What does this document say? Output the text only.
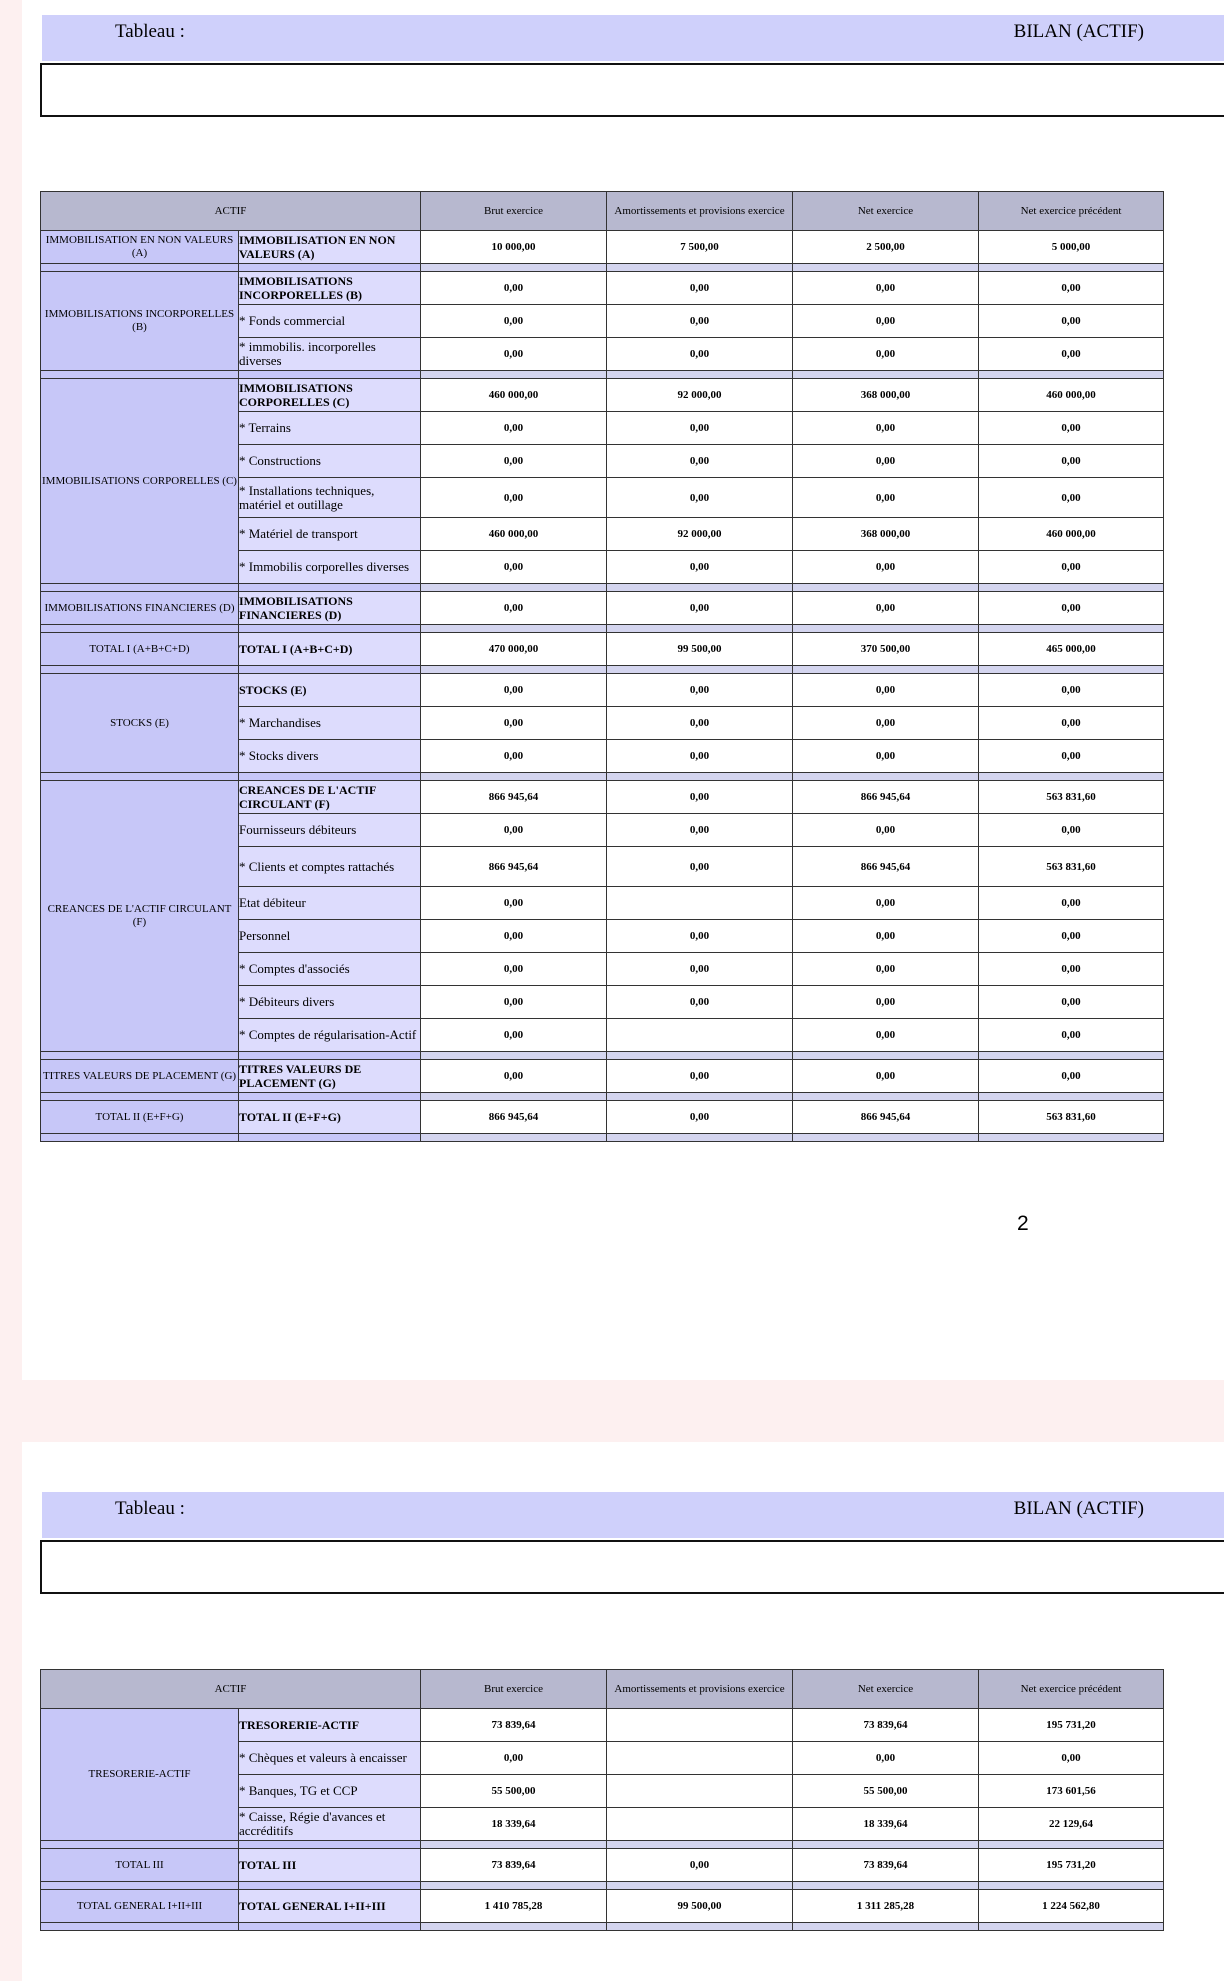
Tableau :	BILAN (ACTIF)
ACTIF		Brut exercice	Amortissements et provisions exercice	Net exercice	Net exercice précédent
IMMOBILISATION EN NON VALEURS (A)	IMMOBILISATION EN NON VALEURS (A)	10 000,00	7 500,00	2 500,00	5 000,00

IMMOBILISATIONS INCORPORELLES (B)	IMMOBILISATIONS INCORPORELLES (B)	0,00	0,00	0,00	0,00
	* Fonds commercial	0,00	0,00	0,00	0,00
	* immobilis. incorporelles diverses	0,00	0,00	0,00	0,00

IMMOBILISATIONS CORPORELLES (C)	IMMOBILISATIONS CORPORELLES (C)	460 000,00	92 000,00	368 000,00	460 000,00
	* Terrains	0,00	0,00	0,00	0,00
	* Constructions	0,00	0,00	0,00	0,00
	* Installations techniques, matériel et outillage	0,00	0,00	0,00	0,00
	* Matériel de transport	460 000,00	92 000,00	368 000,00	460 000,00
	* Immobilis corporelles diverses	0,00	0,00	0,00	0,00

IMMOBILISATIONS FINANCIERES (D)	IMMOBILISATIONS FINANCIERES (D)	0,00	0,00	0,00	0,00

TOTAL I (A+B+C+D)	TOTAL I (A+B+C+D)	470 000,00	99 500,00	370 500,00	465 000,00

STOCKS (E)	STOCKS (E)	0,00	0,00	0,00	0,00
	* Marchandises	0,00	0,00	0,00	0,00
	* Stocks divers	0,00	0,00	0,00	0,00

CREANCES DE L'ACTIF CIRCULANT (F)	CREANCES DE L'ACTIF CIRCULANT (F)	866 945,64	0,00	866 945,64	563 831,60
	Fournisseurs débiteurs	0,00	0,00	0,00	0,00
	* Clients et comptes rattachés	866 945,64	0,00	866 945,64	563 831,60
	Etat débiteur	0,00		0,00	0,00
	Personnel	0,00	0,00	0,00	0,00
	* Comptes d'associés	0,00	0,00	0,00	0,00
	* Débiteurs divers	0,00	0,00	0,00	0,00
	* Comptes de régularisation-Actif	0,00		0,00	0,00

TITRES VALEURS DE PLACEMENT (G)	TITRES VALEURS DE PLACEMENT (G)	0,00	0,00	0,00	0,00

TOTAL II (E+F+G)	TOTAL II (E+F+G)	866 945,64	0,00	866 945,64	563 831,60

2
Tableau :	BILAN (ACTIF)
ACTIF		Brut exercice	Amortissements et provisions exercice	Net exercice	Net exercice précédent
TRESORERIE-ACTIF	TRESORERIE-ACTIF	73 839,64		73 839,64	195 731,20
	* Chèques et valeurs à encaisser	0,00		0,00	0,00
	* Banques, TG et CCP	55 500,00		55 500,00	173 601,56
	* Caisse, Régie d'avances et accréditifs	18 339,64		18 339,64	22 129,64

TOTAL III	TOTAL III	73 839,64	0,00	73 839,64	195 731,20

TOTAL GENERAL I+II+III	TOTAL GENERAL I+II+III	1 410 785,28	99 500,00	1 311 285,28	1 224 562,80
